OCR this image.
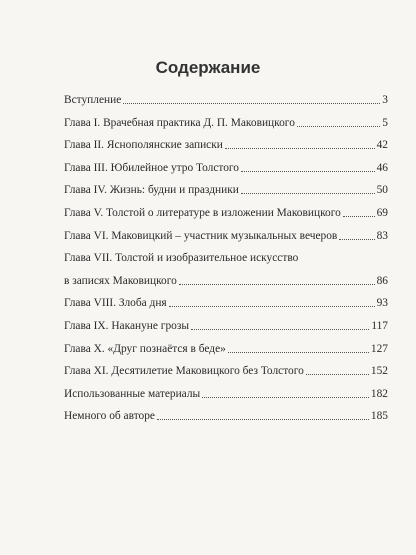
Содержание
Вступление	3
Глава I. Врачебная практика Д. П. Маковицкого	5
Глава II. Яснополянские записки	42
Глава III. Юбилейное утро Толстого	46
Глава IV. Жизнь: будни и праздники	50
Глава V. Толстой о литературе в изложении Маковицкого	69
Глава VI. Маковицкий – участник музыкальных вечеров	83
Глава VII. Толстой и изобразительное искусство
в записях Маковицкого	86
Глава VIII. Злоба дня	93
Глава IX. Накануне грозы	117
Глава X. «Друг познаётся в беде»	127
Глава XI. Десятилетие Маковицкого без Толстого	152
Использованные материалы	182
Немного об авторе	185
